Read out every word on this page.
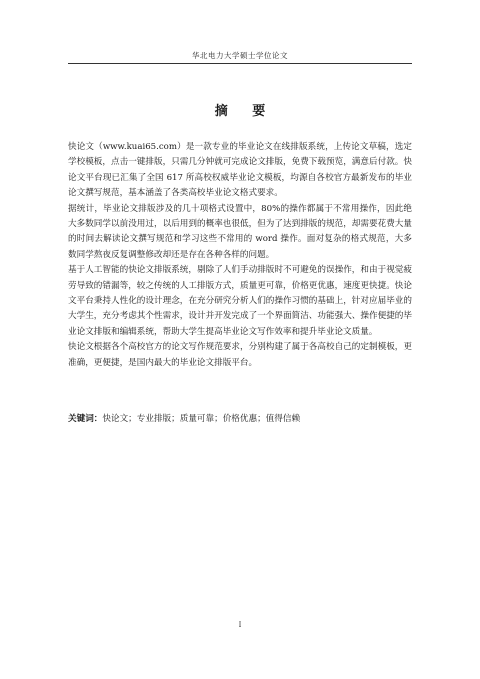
华北电力大学硕士学位论文
摘 要

快论文（www.kuai65.com）是一款专业的毕业论文在线排版系统，上传论文草稿，选定学校模板，点击一键排版，只需几分钟就可完成论文排版，免费下载预览，满意后付款。快论文平台现已汇集了全国 617 所高校权威毕业论文模板，均源自各校官方最新发布的毕业论文撰写规范，基本涵盖了各类高校毕业论文格式要求。

据统计，毕业论文排版涉及的几十项格式设置中，80%的操作都属于不常用操作，因此绝大多数同学以前没用过，以后用到的概率也很低，但为了达到排版的规范，却需要花费大量的时间去解读论文撰写规范和学习这些不常用的 word 操作。面对复杂的格式规范，大多数同学熬夜反复调整修改却还是存在各种各样的问题。

基于人工智能的快论文排版系统，剔除了人们手动排版时不可避免的误操作，和由于视觉疲劳导致的错漏等，较之传统的人工排版方式，质量更可靠，价格更优惠，速度更快捷。快论文平台秉持人性化的设计理念，在充分研究分析人们的操作习惯的基础上，针对应届毕业的大学生，充分考虑其个性需求，设计并开发完成了一个界面简洁、功能强大、操作便捷的毕业论文排版和编辑系统，帮助大学生提高毕业论文写作效率和提升毕业论文质量。

快论文根据各个高校官方的论文写作规范要求，分别构建了属于各高校自己的定制模板，更准确，更便捷，是国内最大的毕业论文排版平台。

关键词：快论文；专业排版；质量可靠；价格优惠；值得信赖
I
